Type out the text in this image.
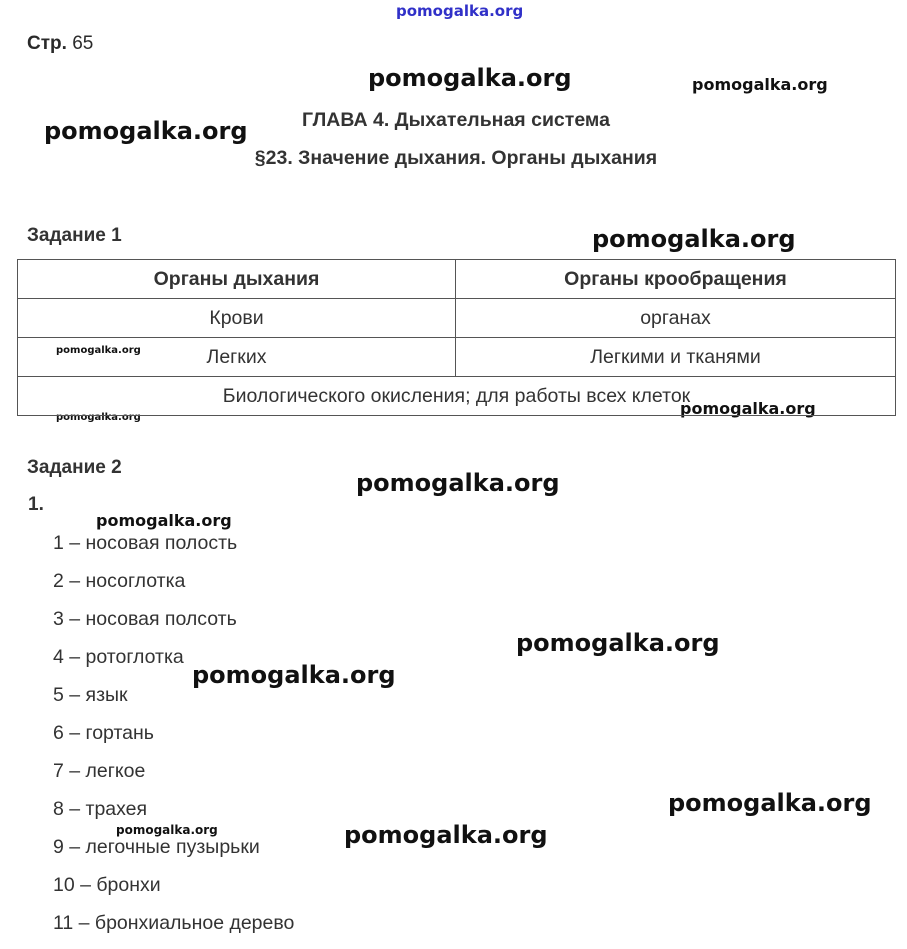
pomogalka.org
pomogalka.org	pomogalka.org
pomogalka.org
pomogalka.org
pomogalka.org
pomogalka.org	pomogalka.org
pomogalka.org
pomogalka.org
pomogalka.org
pomogalka.org
pomogalka.org
pomogalka.org	pomogalka.org
Стр. 65
ГЛАВА 4. Дыхательная система
§23. Значение дыхания. Органы дыхания
Задание 1
Органы дыхания	Органы крообращения
Крови	органах
Легких	Легкими и тканями
Биологического окисления; для работы всех клеток	
Задание 2
1.
1 – носовая полость
2 – носоглотка
3 – носовая полсоть
4 – ротоглотка
5 – язык
6 – гортань
7 – легкое
8 – трахея
9 – легочные пузырьки
10 – бронхи
11 – бронхиальное дерево
